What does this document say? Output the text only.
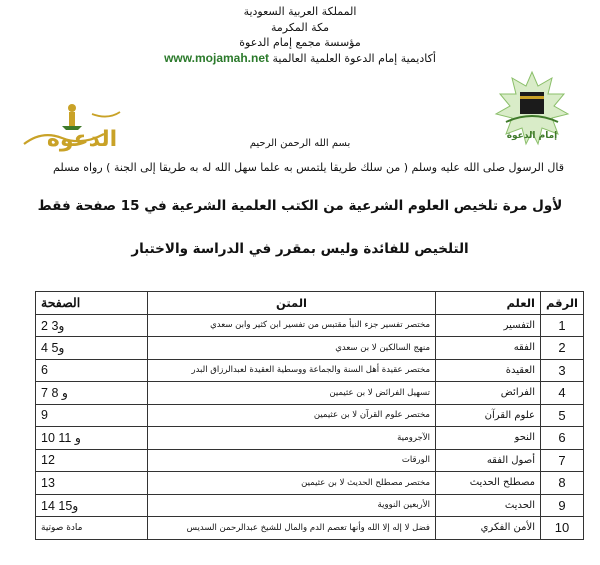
المملكة العربية السعودية
مكة المكرمة
مؤسسة مجمع إمام الدعوة
www.mojamah.net أكاديمية إمام الدعوة العلمية العالمية
الدعوة	إمام الدعوة
بسم الله الرحمن الرحيم
قال الرسول صلى الله عليه وسلم ( من سلك طريقا يلتمس به علما سهل الله له به طريقا إلى الجنة ) رواه مسلم
لأول مرة تلخيص العلوم الشرعية من الكتب العلمية الشرعية في 15 صفحة فقط
التلخيص للفائدة وليس بمقرر في الدراسة والاختبار
الرقم	العلم	المتن	الصفحة
1	التفسير	مختصر تفسير جزء النبأ مقتبس من تفسير ابن كثير وابن سعدي	2 و3
2	الفقه	منهج السالكين لا بن سعدي	4 و5
3	العقيدة	مختصر عقيدة أهل السنة والجماعة ووسطية العقيدة لعبدالرزاق البدر	6
4	الفرائض	تسهيل الفرائض لا بن عثيمين	7 و 8
5	علوم القرآن	مختصر علوم القرآن لا بن عثيمين	9
6	النحو	الآجرومية	10 و 11
7	أصول الفقه	الورقات	12
8	مصطلح الحديث	مختصر مصطلح الحديث لا بن عثيمين	13
9	الحديث	الأربعين النووية	14 و15
10	الأمن الفكري	فضل لا إله إلا الله وأنها تعصم الدم والمال للشيخ عبدالرحمن السديس	مادة صوتية
